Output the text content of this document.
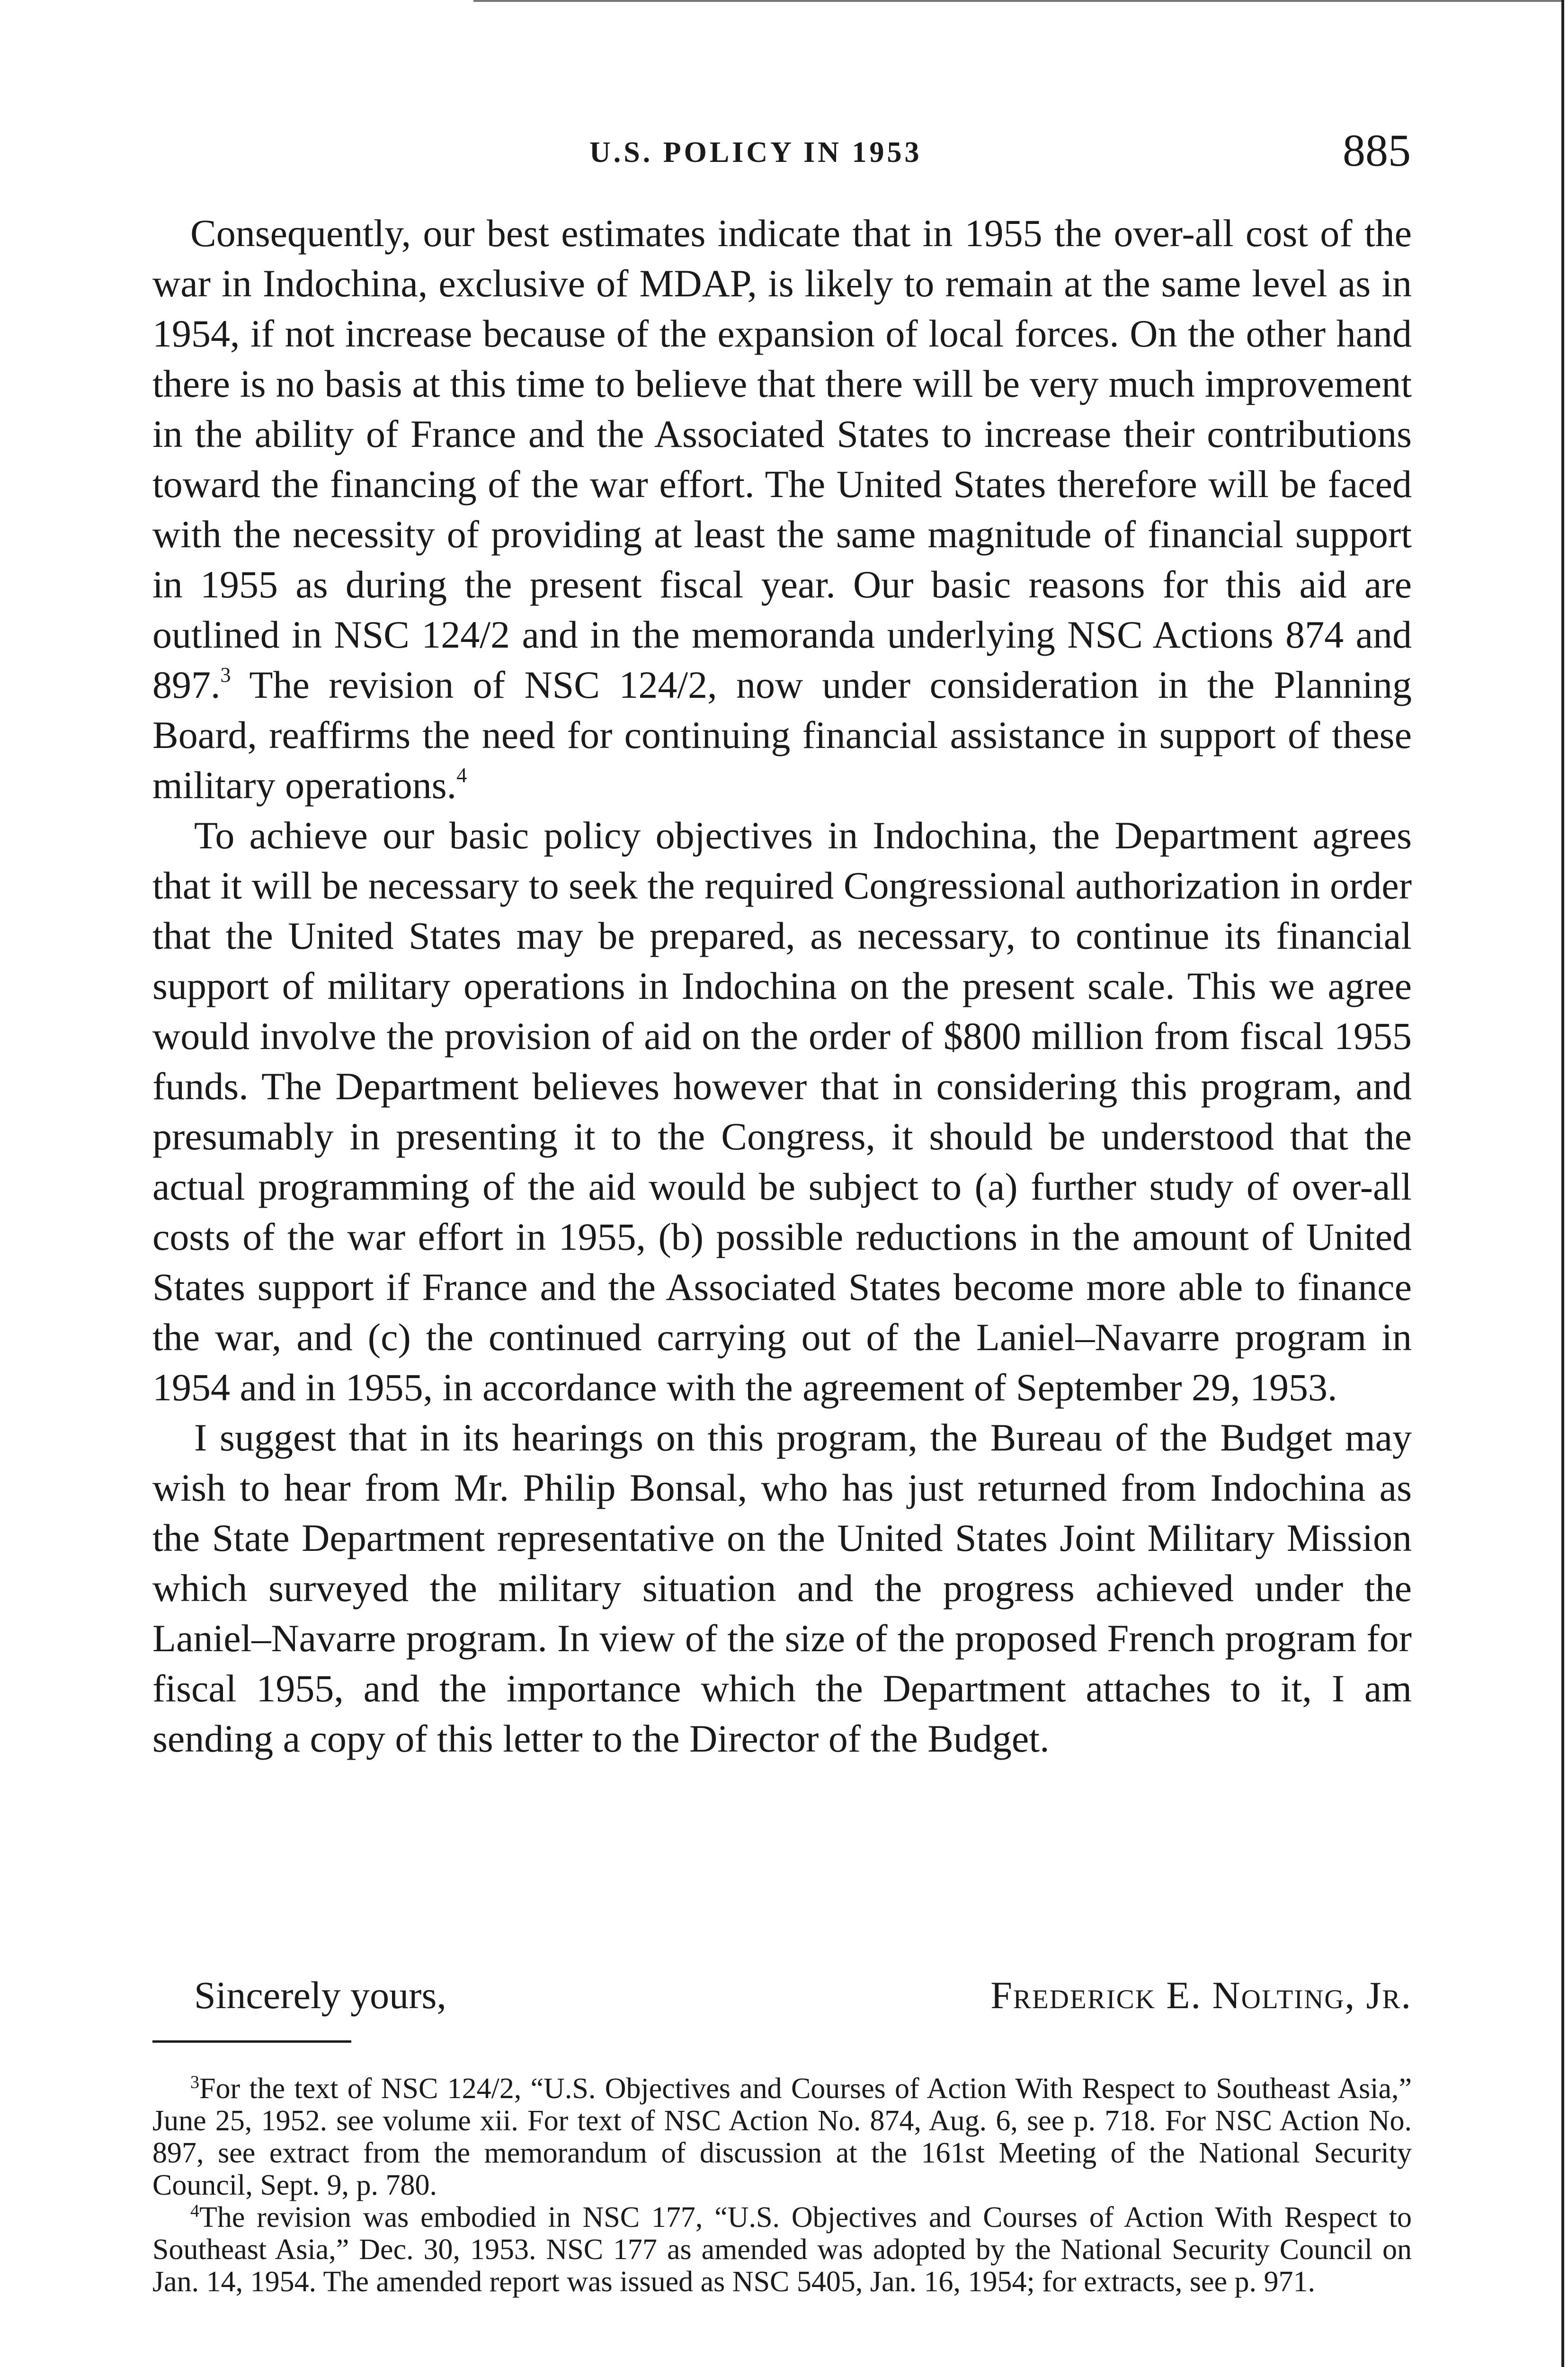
U.S. POLICY IN 1953	885

Consequently, our best estimates indicate that in 1955 the over-all cost of the war in Indochina, exclusive of MDAP, is likely to remain at the same level as in 1954, if not increase because of the expansion of local forces. On the other hand there is no basis at this time to believe that there will be very much improvement in the ability of France and the Associated States to increase their contributions toward the financing of the war effort. The United States therefore will be faced with the necessity of providing at least the same magnitude of financial support in 1955 as during the present fiscal year. Our basic reasons for this aid are outlined in NSC 124/2 and in the memoranda underlying NSC Actions 874 and 897.$^3$ The revision of NSC 124/2, now under consideration in the Planning Board, reaffirms the need for continuing financial assistance in support of these military operations.$^4$

To achieve our basic policy objectives in Indochina, the Department agrees that it will be necessary to seek the required Congressional authorization in order that the United States may be prepared, as necessary, to continue its financial support of military operations in Indochina on the present scale. This we agree would involve the provision of aid on the order of $800 million from fiscal 1955 funds. The Department believes however that in considering this program, and presumably in presenting it to the Congress, it should be understood that the actual programming of the aid would be subject to (a) further study of over-all costs of the war effort in 1955, (b) possible reductions in the amount of United States support if France and the Associated States become more able to finance the war, and (c) the continued carrying out of the Laniel–Navarre program in 1954 and in 1955, in accordance with the agreement of September 29, 1953.

I suggest that in its hearings on this program, the Bureau of the Budget may wish to hear from Mr. Philip Bonsal, who has just returned from Indochina as the State Department representative on the United States Joint Military Mission which surveyed the military situation and the progress achieved under the Laniel–Navarre program. In view of the size of the proposed French program for fiscal 1955, and the importance which the Department attaches to it, I am sending a copy of this letter to the Director of the Budget.

Sincerely yours,	Frederick E. Nolting, Jr.

$^3$For the text of NSC 124/2, “U.S. Objectives and Courses of Action With Respect to Southeast Asia,” June 25, 1952. see volume xii. For text of NSC Action No. 874, Aug. 6, see p. 718. For NSC Action No. 897, see extract from the memorandum of discussion at the 161st Meeting of the National Security Council, Sept. 9, p. 780.

$^4$The revision was embodied in NSC 177, “U.S. Objectives and Courses of Action With Respect to Southeast Asia,” Dec. 30, 1953. NSC 177 as amended was adopted by the National Security Council on Jan. 14, 1954. The amended report was issued as NSC 5405, Jan. 16, 1954; for extracts, see p. 971.
